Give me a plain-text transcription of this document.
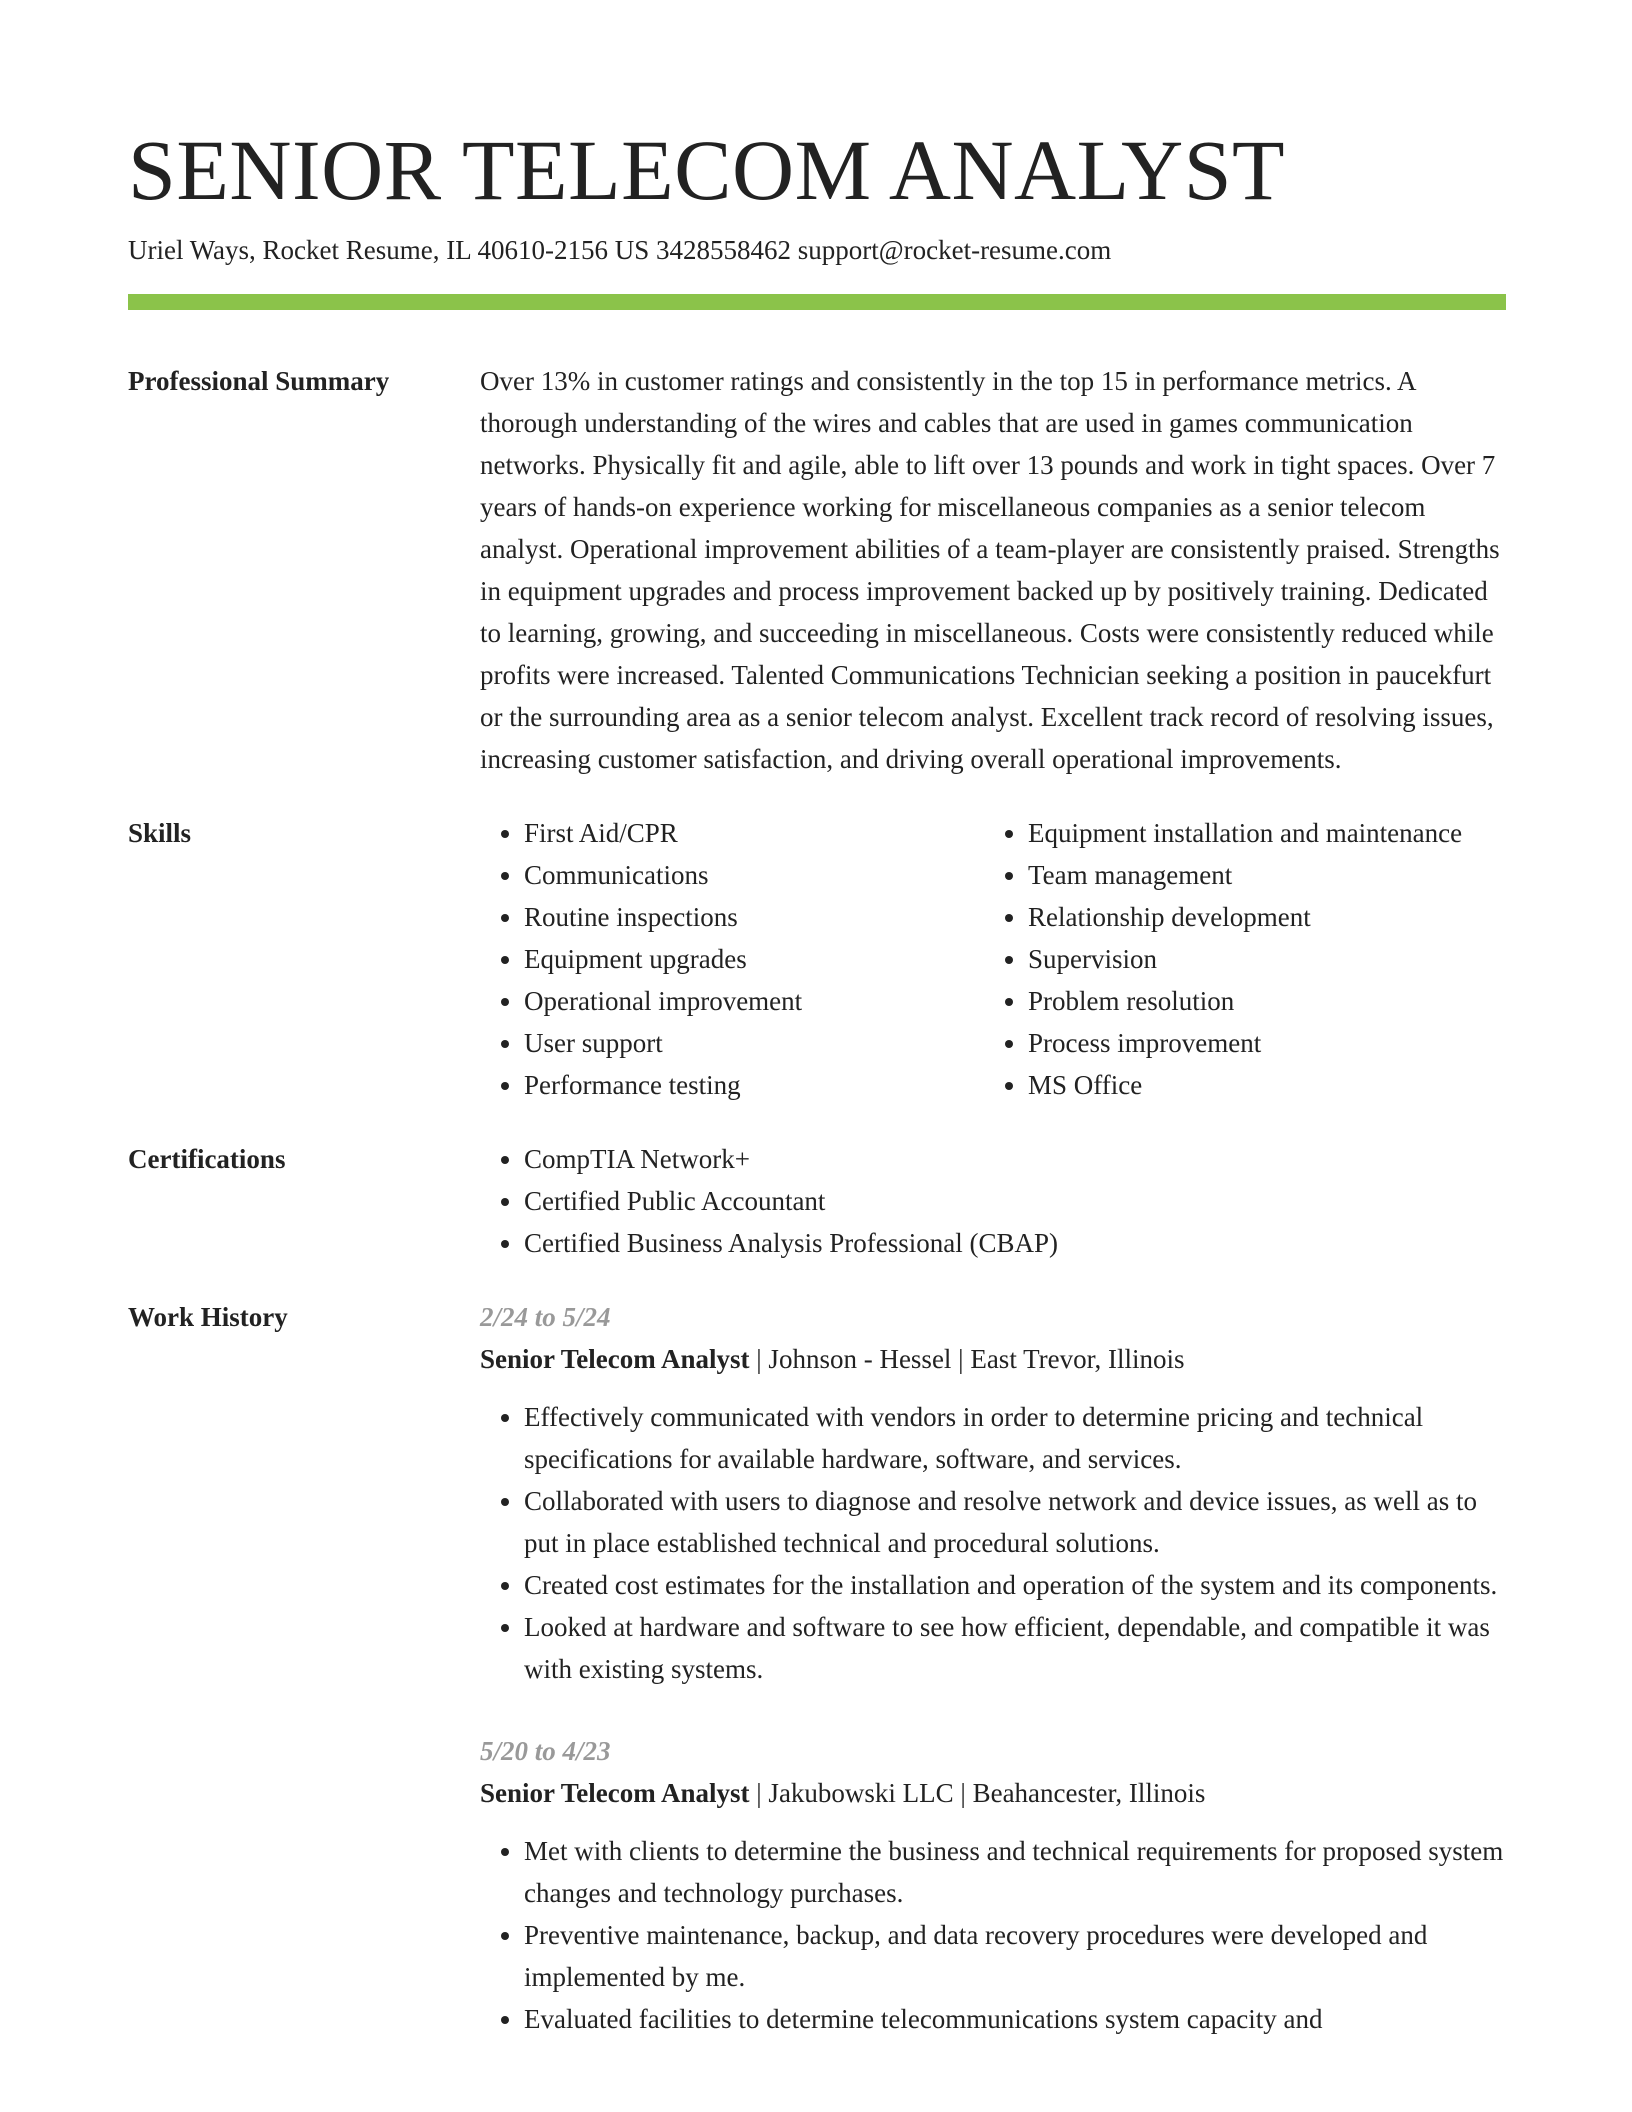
SENIOR TELECOM ANALYST
Uriel Ways, Rocket Resume, IL 40610-2156 US 3428558462 support@rocket-resume.com
Professional Summary	Over 13% in customer ratings and consistently in the top 15 in performance metrics. A thorough understanding of the wires and cables that are used in games communication networks. Physically fit and agile, able to lift over 13 pounds and work in tight spaces. Over 7 years of hands-on experience working for miscellaneous companies as a senior telecom analyst. Operational improvement abilities of a team-player are consistently praised. Strengths in equipment upgrades and process improvement backed up by positively training. Dedicated to learning, growing, and succeeding in miscellaneous. Costs were consistently reduced while profits were increased. Talented Communications Technician seeking a position in paucekfurt or the surrounding area as a senior telecom analyst. Excellent track record of resolving issues, increasing customer satisfaction, and driving overall operational improvements.

Skills	• First Aid/CPR
• Communications
• Routine inspections
• Equipment upgrades
• Operational improvement
• User support
• Performance testing
• Equipment installation and maintenance
• Team management
• Relationship development
• Supervision
• Problem resolution
• Process improvement
• MS Office
Certifications	• CompTIA Network+
• Certified Public Accountant
• Certified Business Analysis Professional (CBAP)
Work History	2/24 to 5/24
Senior Telecom Analyst | Johnson - Hessel | East Trevor, Illinois
• Effectively communicated with vendors in order to determine pricing and technical specifications for available hardware, software, and services.
• Collaborated with users to diagnose and resolve network and device issues, as well as to put in place established technical and procedural solutions.
• Created cost estimates for the installation and operation of the system and its components.
• Looked at hardware and software to see how efficient, dependable, and compatible it was with existing systems.
5/20 to 4/23
Senior Telecom Analyst | Jakubowski LLC | Beahancester, Illinois
• Met with clients to determine the business and technical requirements for proposed system changes and technology purchases.
• Preventive maintenance, backup, and data recovery procedures were developed and implemented by me.
• Evaluated facilities to determine telecommunications system capacity and
